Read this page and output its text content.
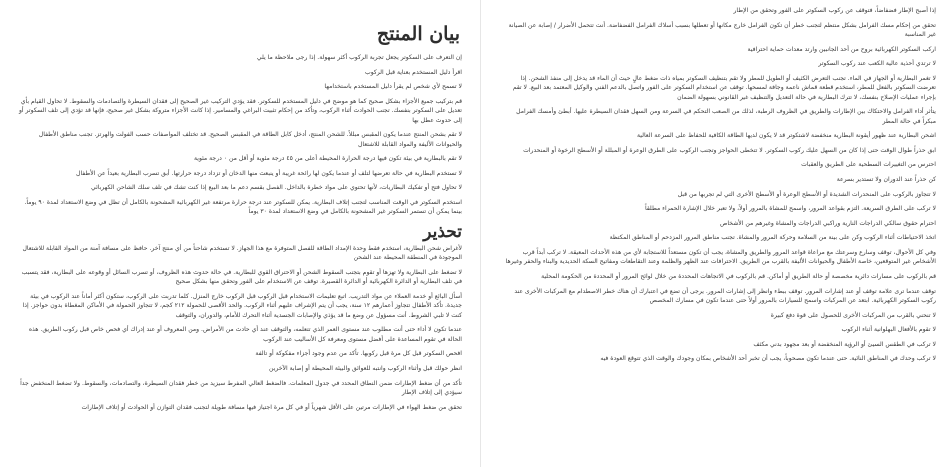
إذا أصبح الإطار فضفاضاً، فتوقف عن ركوب السكوتر على الفور وتحقق من الإطار

تحقق من إحكام مسك الفرامل بشكل منتظم لتجنب خطر أن تكون الفرامل خارج مكانها أو تعطلها بسبب أسلاك الفرامل الفضفاضة. أنت تتحمل الأضرار / إصابة عن الصيانة غير المناسبة

اركب السكوتر الكهربائية بروح من أحد الجانبين وارتد معدات حماية احترافية

لا ترتدي أحذية عالية الكعب عند ركوب السكوتر

لا تغمر البطارية أو الجهاز في الماء. تجنب التعرض الكثيف أو الطويل للمطر ولا تقم بتنظيف السكوتر بمياه ذات ضغط عالٍ حيث أن الماء قد يدخل إلى منفذ الشحن. إذا تعرضت السكوتر بالفعل للمطر، استخدم قطعة قماش ناعمة وجافة لمسحها. توقف عن استخدام السكوتر على الفور واتصل بالدعم الفني والوكيل المعتمد بعد البيع. لا تقم بإجراء عمليات الإصلاح بنفسك، لا تترك البطارية في حالة التعديل والتنظيف غير القانوني بسهولة الضمان

يتأثر أداء الفرامل والاحتكاك بين الإطارات والطريق في الظروف الرطبة، لذلك من الصعب التحكم في السرعة ومن السهل فقدان السيطرة عليها. أبطئ وأمسك الفرامل مبكراً في حالة المطر

اشحن البطارية عند ظهور أيقونة البطارية منخفضة لاشتكوتر قد لا يكون لديها الطاقة الكافية للحفاظ على السرعة العالية

ابق حذراً طوال الوقت حتى إذا كان من السهل عليك ركوب السكوتر. لا تتخطى الحواجز وتجنب الركوب على الطرق الوعرة أو المبللة أو الأسطح الرخوة أو المنحدرات

احترس من التغييرات السطحية على الطريق والعقبات

كن حذراً عند الدوران ولا تستدير بسرعة

لا تتجاوز بالركوب على المنحدرات الشديدة أو الأسطح الوعرة أو الأسطح الأخرى التي لم تجربها من قبل

لا تركب على الطرق السريعة. التزم بقواعد المرور، واسمح للمشاة بالمرور أولاً، ولا تعبر خلال الإشارة الحمراء مطلقاً

احترام حقوق سالكي الدراجات النارية وراكبي الدراجات والمشاة وغيرهم من الأشخاص

اتخذ الاحتياطات أثناء الركوب وكن على بينة من السلامة وحركة المرور والمشاة. تجنب مناطق المرور المزدحم أو المناطق المكتظة

وفي كل الأحوال، توقف وسارع وسرعتك مع مراعاة قواعد المرور والطريق والمشاة، يجب أن تكون مستعداً للاستجابة لأي من هذه الأحداث المعيقة. لا تركب أبداً قرب الأشخاص غير المتوقعين، خاصة الأطفال والحيوانات الأليفة بالقرب من الطريق. الاحترافات عند الظهر والظلمة وعند التقاطعات ومفاتيح السكة الحديدية والبناء والحفر وغيرها

قم بالركوب على مسارات دائرية مخصصة أو حالة الطريق أو أماكن. قم بالركوب في الاتجاهات المحددة من خلال لوائح المرور أو المحددة من الحكومة المحلية

توقف عندما ترى علامة توقف أو عند إشارات المرور. توقف ببطء وانظر إلى إشارات المرور. يرجى أن تضع في اعتبارك أن هناك خطر الاصطدام مع المركبات الأخرى عند ركوب السكوتر الكهربائية. ابتعد عن المركبات واسمح للسيارات بالمرور أولاً حتى عندما تكون في مسارك المخصص

لا تنحني بالقرب من المركبات الأخرى للحصول على قوة دفع كبيرة

لا تقوم بالأفعال البهلوانية أثناء الركوب

لا تركب في الطقس السيئ أو الرؤية المنخفضة أو بعد مجهود بدني مكثف

لا تركب وحدك في المناطق النائية. حتى عندما تكون مصحوباً، يجب أن تخبر أحد الأشخاص بمكان وجودك والوقت الذي تتوقع العودة فيه

بيان المنتج

إن التعرف على السكوتر يجعل تجربة الركوب أكثر سهولة. إذا رجى ملاحظة ما يلي

اقرأ دليل المستخدم بعناية قبل الركوب

لا تسمح لأي شخص لم يقرأ دليل المستخدم باستخدامها

قم بتركيب جميع الأجزاء بشكل صحيح كما هو موضح في دليل المستخدم للسكوتر. فقد يؤدي التركيب غير الصحيح إلى فقدان السيطرة والتصادمات والسقوط. لا تحاول القيام بأي تعديل على السكوتر بنفسك. تجنب الحوادث أثناء الركوب، وتأكد من إحكام تثبيت البراغي والمسامير. إذا كانت الأجزاء متروكة بشكل غير صحيح، فإنها قد تؤدي إلى تلف السكوتر أو إلى حدوث عطل بها

لا تقم بشحن المنتج عندما يكون المقبس مبللاً. للشحن المنتج، أدخل كابل الطاقة في المقبس الصحيح. قد تختلف المواصفات حسب الفولت والهرتز. تجنب مناطق الأطفال والحيوانات الأليفة والمواد القابلة للاشتعال

لا تقم بالبطارية في بيئة تكون فيها درجة الحرارة المحيطة أعلى من ٤٥ درجة مئوية أو أقل من ٠ درجة مئوية

لا تستخدم البطارية في حالة تعرضها لتلف أو عندما يكون لها رائحة غريبة أو ينبعث منها الدخان أو تزداد درجة حرارتها. أبق تسرب البطارية بعيداً عن الأطفال

لا تحاول فتح أو تفكيك البطاريات، لأنها تحتوي على مواد خطرة بالداخل. الفصل بقسم دعم ما بعد البيع إذا كنت تشك في تلف سلك الشاحن الكهربائي

استخدم السكوتر في الوقت المناسب لتجنب إتلاف البطارية. يمكن للسكوتر عند درجة حرارة مرتفعة غير الكهربائية المشحونة بالكامل أن تظل في وضع الاستعداد لمدة ٩٠ يوماً. بينما يمكن أن تستمر السكوتر غير المشحونة بالكامل في وضع الاستعداد لمدة ٣٠ يوماً

تحذير

لأغراض شحن البطارية، استخدم فقط وحدة الإمداد الطاقة للفصل المتوفرة مع هذا الجهاز. لا تستخدم شاحناً من أي منتج آخر. حافظ على مسافة آمنة من المواد القابلة للاشتعال الموجودة في المنطقة المحيطة عند الشحن

لا تضغط على البطارية ولا تهزها أو تقوم بتجنب السقوط الشحن أو الاحتراق القوي للبطارية. في حالة حدوث هذه الظروف، أو تسرب السائل أو وقوعه على البطارية، فقد يتسبب في تلف البطارية أو الدائرة الكهربائية أو الدائرة القصيرة. توقف عن الاستخدام على الفور وتحقق منها بشكل صحيح

أسأل البائع أو خدمة العملاء عن مواد التدريب. اتبع تعليمات الاستخدام قبل الركوب قبل الركوب خارج المنزل. كلما تدربت على الركوب، ستكون أكثر أماناً عند الركوب في بيئة جديدة. تأكد الأطفال تتجاوز أعمارهم ١٢ سنة، يجب أن يتم الإشراف عليهم أثناء الركوب. والحد الأقصى للحمولة ٢١٢ كجم، لا تتجاوز الحمولة في الأماكن المغطاة بدون حواجز. إذا كنت لا تلبي الشروط. أنت مسؤول عن وضع ما قد يؤذي والإصابات الجسدية أثناء التحرك للأمام، والدوران، والتوقف

عندما تكون لا أداء حتى أنت مطلوب عند مستوى العمر الذي تتعلمه، والتوقف عند أي حادث من الأمراض. ومن المعروف أو عند إدراك أي فحص خاص قبل ركوب الطريق. هذه الحالة في تقوم المساعدة على أفضل مستوى ومعرفة كل الأساليب عند الركوب

افحص السكوتر قبل كل مرة قبل ركوبها. تأكد من عدم وجود أجزاء مفكوكة أو تالفة

انظر حولك قبل وأثناء الركوب وانتبه للعوائق والبيئة المحيطة أو إصابة الآخرين

تأكد من أن ضغط الإطارات ضمن النطاق المحدد في جدول المعلمات. فالضغط العالي المفرط سيزيد من خطر فقدان السيطرة، والتصادمات، والسقوط. ولا تضغط المنخفض جداً سيؤدي إلى إتلاف الإطار

تحقق من ضغط الهواء في الإطارات مرتين على الأقل شهرياً أو في كل مرة اجتياز فيها مسافة طويلة لتجنب فقدان التوازن أو الحوادث أو إتلاف الإطارات
